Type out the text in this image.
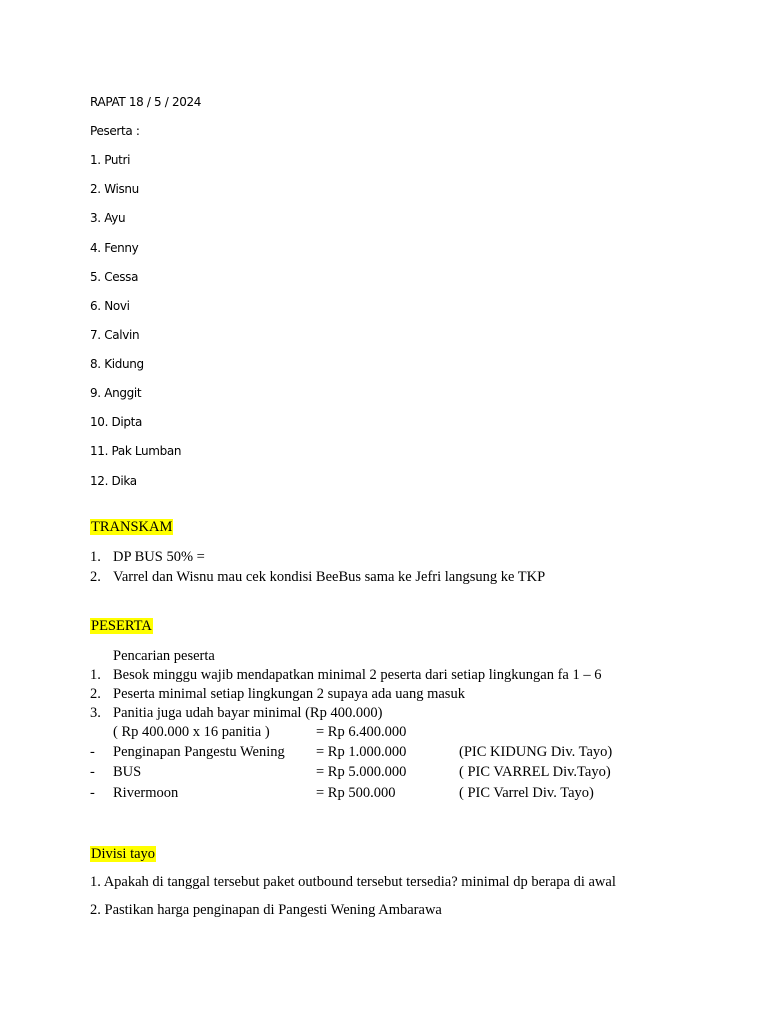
RAPAT 18 / 5 / 2024
Peserta :
1. Putri
2. Wisnu
3. Ayu
4. Fenny
5. Cessa
6. Novi
7. Calvin
8. Kidung
9. Anggit
10. Dipta
11. Pak Lumban
12. Dika
TRANSKAM
1. DP BUS 50% =
2. Varrel dan Wisnu mau cek kondisi BeeBus sama ke Jefri langsung ke TKP
PESERTA
Pencarian peserta
1. Besok minggu wajib mendapatkan minimal 2 peserta dari setiap lingkungan fa 1 – 6
2. Peserta minimal setiap lingkungan 2 supaya ada uang masuk
3. Panitia juga udah bayar minimal (Rp 400.000)
( Rp 400.000 x 16 panitia )	= Rp 6.400.000
- Penginapan Pangestu Wening = Rp 1.000.000	(PIC KIDUNG Div. Tayo)
- BUS	= Rp 5.000.000	( PIC VARREL Div.Tayo)
- Rivermoon	= Rp 500.000	( PIC Varrel Div. Tayo)
Divisi tayo
1. Apakah di tanggal tersebut paket outbound tersebut tersedia? minimal dp berapa di awal
2. Pastikan harga penginapan di Pangesti Wening Ambarawa
